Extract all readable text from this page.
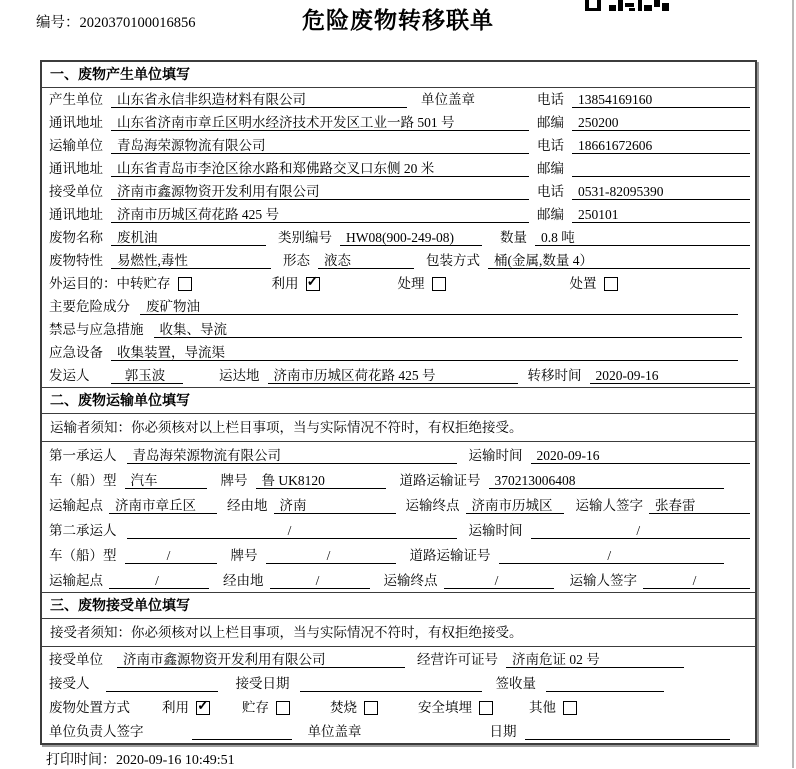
编号：2020370100016856	危险废物转移联单
一、废物产生单位填写
产生单位	山东省永信非织造材料有限公司	单位盖章	电话	13854169160
通讯地址	山东省济南市章丘区明水经济技术开发区工业一路 501 号	邮编	250200
运输单位	青岛海荣源物流有限公司	电话	18661672606
通讯地址	山东省青岛市李沧区徐水路和郑佛路交叉口东侧 20 米	邮编
接受单位	济南市鑫源物资开发利用有限公司	电话	0531-82095390
通讯地址	济南市历城区荷花路 425 号	邮编	250101
废物名称	废机油	类别编号	HW08(900-249-08)	数量	0.8 吨
废物特性	易燃性,毒性	形态	液态	包装方式	桶(金属,数量 4）
外运目的： 中转贮存	利用 ✓	处理	处置
主要危险成分	废矿物油
禁忌与应急措施	收集、导流
应急设备	收集装置，导流渠
发运人	郭玉波	运达地	济南市历城区荷花路 425 号	转移时间	2020-09-16
二、废物运输单位填写
运输者须知：你必须核对以上栏目事项，当与实际情况不符时，有权拒绝接受。
第一承运人	青岛海荣源物流有限公司	运输时间	2020-09-16
车（船）型	汽车	牌号	鲁 UK8120	道路运输证号	370213006408
运输起点 济南市章丘区	经由地 济南	运输终点 济南市历城区	运输人签字 张春雷
第二承运人	/	运输时间	/
车（船）型	/	牌号	/	道路运输证号	/
运输起点	/	经由地	/	运输终点	/	运输人签字	/
三、废物接受单位填写
接受者须知：你必须核对以上栏目事项，当与实际情况不符时，有权拒绝接受。
接受单位	济南市鑫源物资开发利用有限公司	经营许可证号	济南危证 02 号
接受人	接受日期	签收量
废物处置方式 利用 ✓	贮存	焚烧	安全填埋	其他
单位负责人签字	单位盖章	日期
打印时间：2020-09-16 10:49:51
